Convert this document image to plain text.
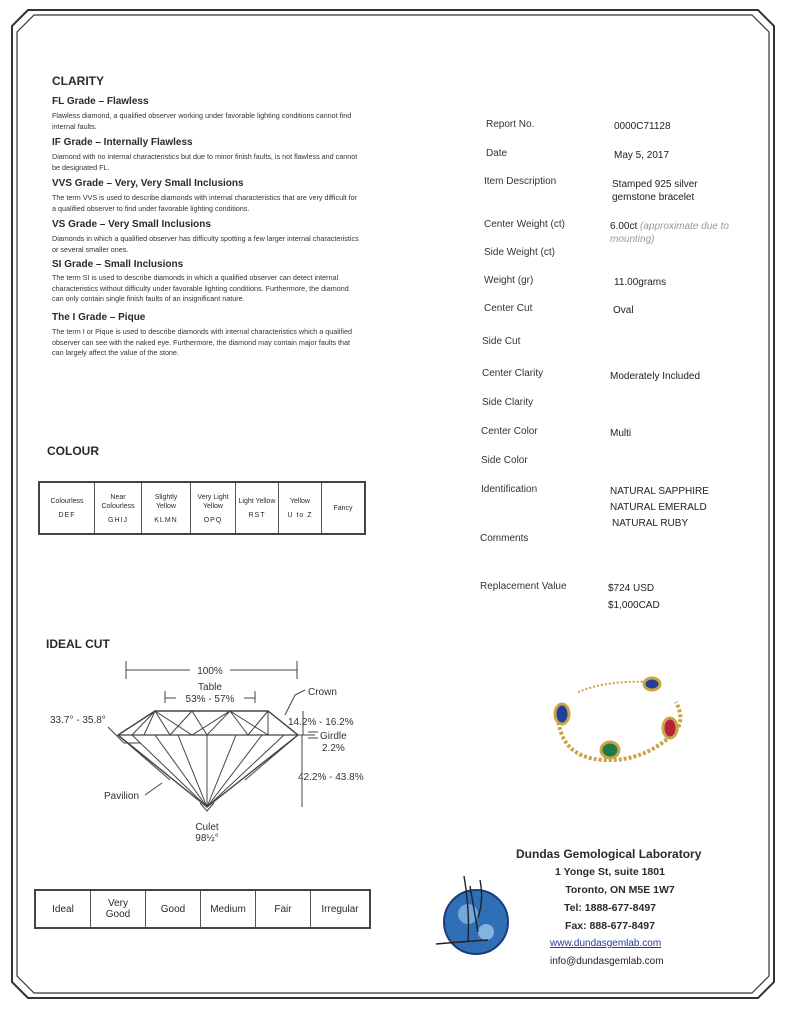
CLARITY
FL Grade – Flawless
Flawless diamond, a qualified observer working under favorable lighting conditions cannot find internal faults.
IF Grade – Internally Flawless
Diamond with no internal characteristics but due to minor finish faults, is not flawless and cannot be designated FL.
VVS Grade – Very, Very Small Inclusions
The term VVS is used to describe diamonds with internal characteristics that are very difficult for a qualified observer to find under favorable lighting conditions.
VS Grade – Very Small Inclusions
Diamonds in which a qualified observer has difficulty spotting a few larger internal characteristics or several smaller ones.
SI Grade – Small Inclusions
The term SI is used to describe diamonds in which a qualified observer can detect internal characteristics without difficulty under favorable lighting conditions. Furthermore, the diamond can only contain single finish faults of an insignificant nature.
The I Grade – Pique
The term I or Pique is used to describe diamonds with internal characteristics which a qualified observer can see with the naked eye. Furthermore, the diamond may contain major faults that can largely affect the value of the stone.
COLOUR
Colourless
DEF

Near Colourless
GHIJ

Slightly Yellow
KLMN

Very Light Yellow
OPQ

Light Yellow
RST

Yellow
U to Z

Fancy
IDEAL CUT
100%
Table
53% - 57%
Crown
33.7° - 35.8°	14.2% - 16.2%
Girdle
2.2%
42.2% - 43.8%
Pavilion
Culet
98½°
Ideal	Very Good	Good	Medium	Fair	Irregular
Report No.	0000C71128
Date	May 5, 2017
Item Description	Stamped 925 silver gemstone bracelet
Center Weight (ct)	6.00ct (approximate due to mounting)
Side Weight (ct)
Weight (gr)	11.00grams
Center Cut	Oval
Side Cut
Center Clarity	Moderately Included
Side Clarity
Center Color	Multi
Side Color
Identification	NATURAL SAPPHIRE
NATURAL EMERALD
NATURAL RUBY
Comments
Replacement Value	$724 USD
$1,000CAD
Dundas Gemological Laboratory
1 Yonge St, suite 1801
Toronto, ON M5E 1W7
Tel: 1888-677-8497
Fax: 888-677-8497
www.dundasgemlab.com
info@dundasgemlab.com
